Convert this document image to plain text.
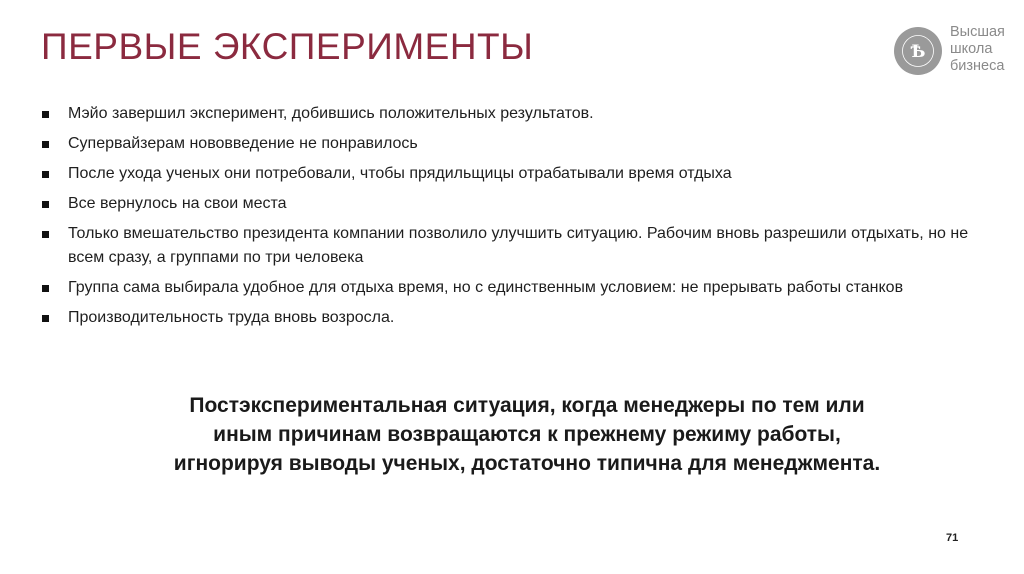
ПЕРВЫЕ ЭКСПЕРИМЕНТЫ	Ѣ
Высшая
школа
бизнеса
Мэйо завершил эксперимент, добившись положительных результатов.
Супервайзерам нововведение не понравилось
После ухода ученых они потребовали, чтобы прядильщицы отрабатывали время отдыха
Все вернулось на свои места
Только вмешательство президента компании позволило улучшить ситуацию. Рабочим вновь разрешили отдыхать, но не всем сразу, а группами по три человека
Группа сама выбирала удобное для отдыха время, но с единственным условием: не прерывать работы станков
Производительность труда вновь возросла.
Постэкспериментальная ситуация, когда менеджеры по тем или иным причинам возвращаются к прежнему режиму работы, игнорируя выводы ученых, достаточно типична для менеджмента.
71
